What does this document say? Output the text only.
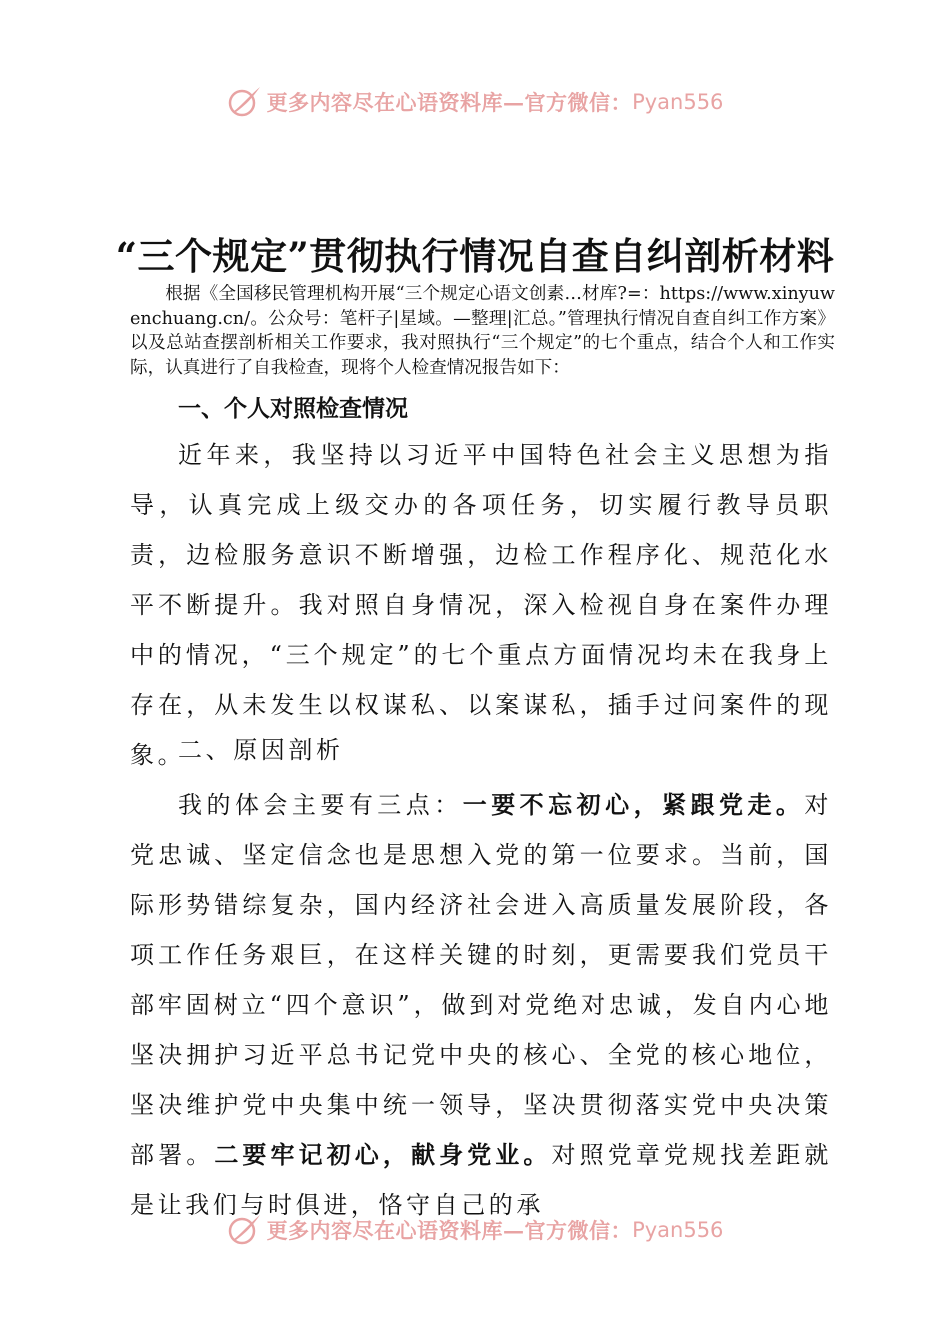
更多内容尽在心语资料库—官方微信： Pyan556
“三个规定”贯彻执行情况自查自纠剖析材料
根据《全国移民管理机构开展“三个规定心语文创素…材库?=：https://www.xinyuwenchuang.cn/。公众号：笔杆子|星域。—整理|汇总。”管理执行情况自查自纠工作方案》以及总站查摆剖析相关工作要求，我对照执行“三个规定”的七个重点，结合个人和工作实际，认真进行了自我检查，现将个人检查情况报告如下：
一、个人对照检查情况

近年来，我坚持以习近平中国特色社会主义思想为指导，认真完成上级交办的各项任务，切实履行教导员职责，边检服务意识不断增强，边检工作程序化、规范化水平不断提升。我对照自身情况，深入检视自身在案件办理中的情况，“三个规定”的七个重点方面情况均未在我身上存在，从未发生以权谋私、以案谋私，插手过问案件的现象。

二、原因剖析

我的体会主要有三点：一要不忘初心，紧跟党走。对党忠诚、坚定信念也是思想入党的第一位要求。当前，国际形势错综复杂，国内经济社会进入高质量发展阶段，各项工作任务艰巨，在这样关键的时刻，更需要我们党员干部牢固树立“四个意识”，做到对党绝对忠诚，发自内心地坚决拥护习近平总书记党中央的核心、全党的核心地位，坚决维护党中央集中统一领导，坚决贯彻落实党中央决策部署。二要牢记初心，献身党业。对照党章党规找差距就是让我们与时俱进，恪守自己的承

更多内容尽在心语资料库—官方微信： Pyan556
